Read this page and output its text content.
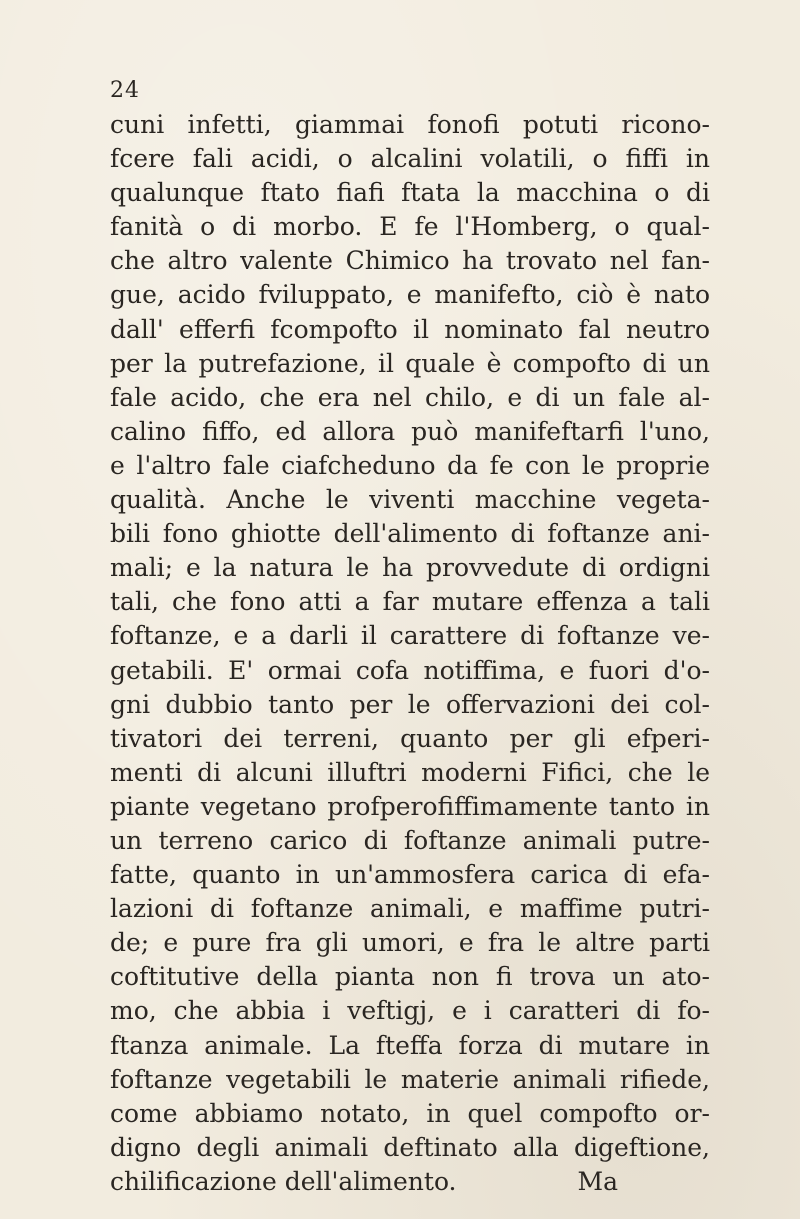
24
cuni infetti, giammai fonofi potuti ricono-
fcere fali acidi, o alcalini volatili, o fiffi in
qualunque ftato fiafi ftata la macchina o di
fanità o di morbo. E fe l'Homberg, o qual-
che altro valente Chimico ha trovato nel fan-
gue, acido fviluppato, e manifefto, ciò è nato
dall' efferfi fcompofto il nominato fal neutro
per la putrefazione, il quale è compofto di un
fale acido, che era nel chilo, e di un fale al-
calino fiffo, ed allora può manifeftarfi l'uno,
e l'altro fale ciafcheduno da fe con le proprie
qualità. Anche le viventi macchine vegeta-
bili fono ghiotte dell'alimento di foftanze ani-
mali; e la natura le ha provvedute di ordigni
tali, che fono atti a far mutare effenza a tali
foftanze, e a darli il carattere di foftanze ve-
getabili. E' ormai cofa notiffima, e fuori d'o-
gni dubbio tanto per le offervazioni dei col-
tivatori dei terreni, quanto per gli efperi-
menti di alcuni illuftri moderni Fifici, che le
piante vegetano profperofiffimamente tanto in
un terreno carico di foftanze animali putre-
fatte, quanto in un'ammosfera carica di efa-
lazioni di foftanze animali, e maffime putri-
de; e pure fra gli umori, e fra le altre parti
coftitutive della pianta non fi trova un ato-
mo, che abbia i veftigj, e i caratteri di fo-
ftanza animale. La fteffa forza di mutare in
foftanze vegetabili le materie animali rifiede,
come abbiamo notato, in quel compofto or-
digno degli animali deftinato alla digeftione,
chilificazione dell'alimento.	Ma
